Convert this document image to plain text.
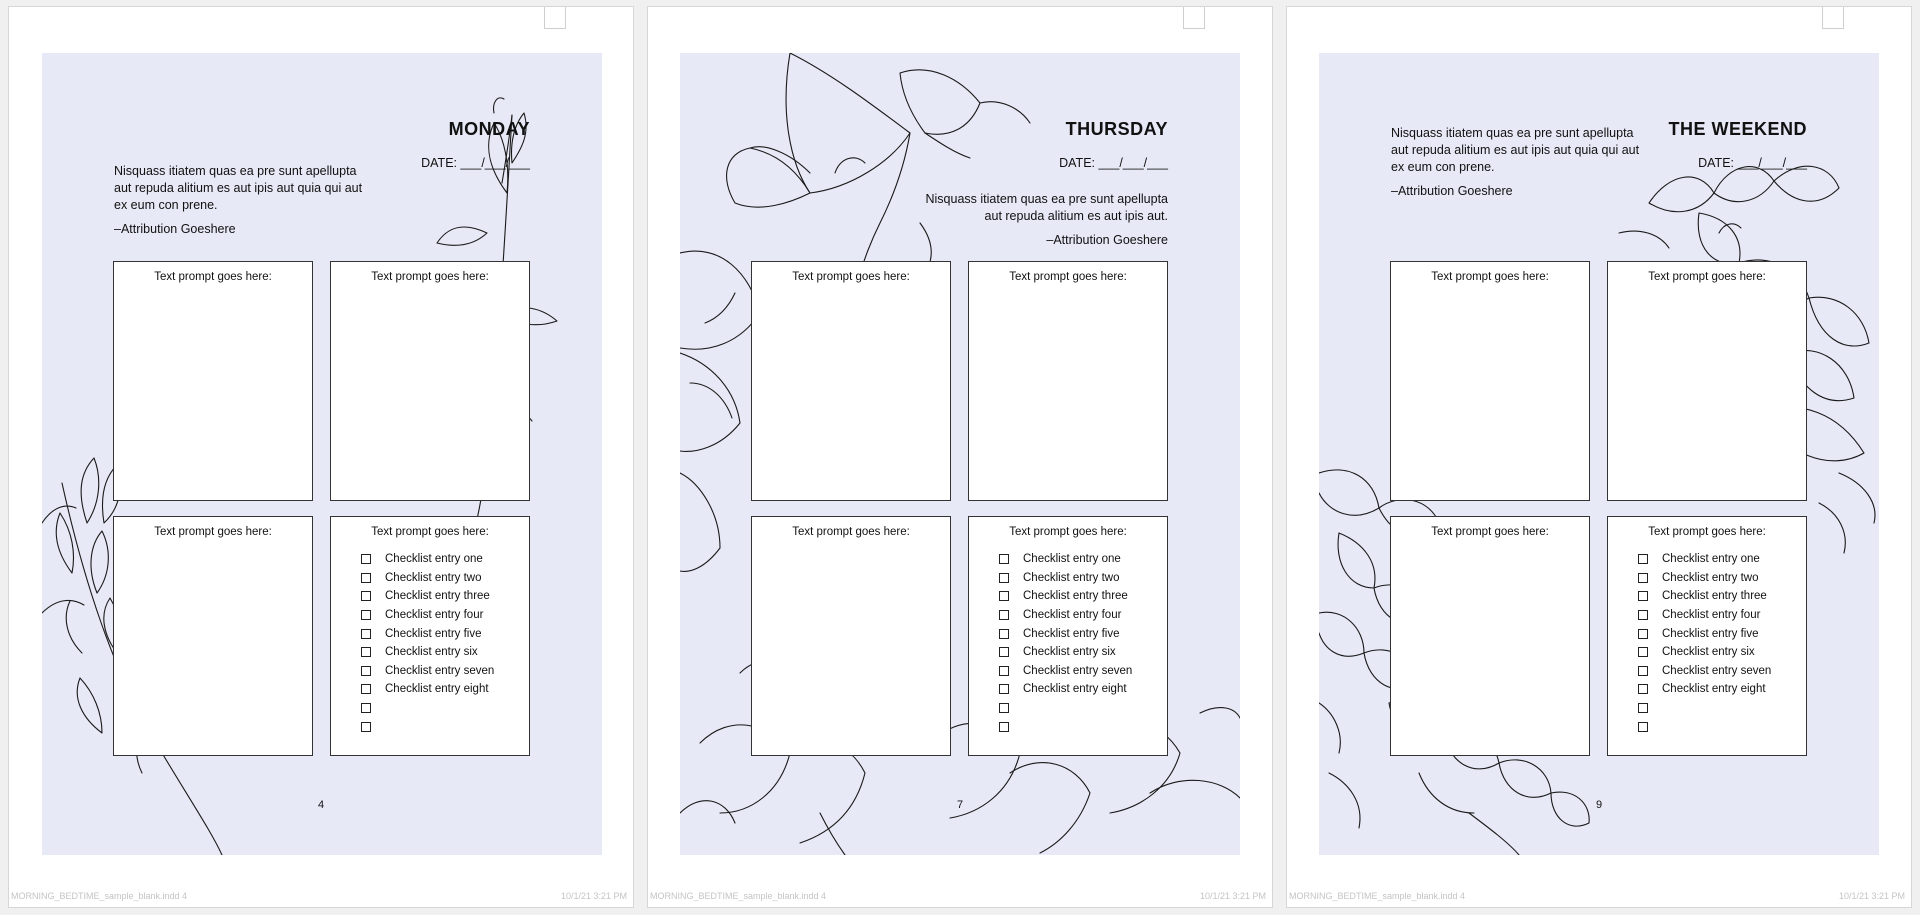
MONDAY
DATE: ___/___/___
Nisquass itiatem quas ea pre sunt apellupta aut repuda alitium es aut ipis aut quia qui aut ex eum con prene.
–Attribution Goeshere
Text prompt goes here:	Text prompt goes here:
Text prompt goes here:	Text prompt goes here:
Checklist entry one
Checklist entry two
Checklist entry three
Checklist entry four
Checklist entry five
Checklist entry six
Checklist entry seven
Checklist entry eight
4
MORNING_BEDTIME_sample_blank.indd 4	10/1/21 3:21 PM
THURSDAY
DATE: ___/___/___
Nisquass itiatem quas ea pre sunt apellupta aut repuda alitium es aut ipis aut.
–Attribution Goeshere
Text prompt goes here:	Text prompt goes here:
Text prompt goes here:	Text prompt goes here:
Checklist entry one
Checklist entry two
Checklist entry three
Checklist entry four
Checklist entry five
Checklist entry six
Checklist entry seven
Checklist entry eight
7
MORNING_BEDTIME_sample_blank.indd 4	10/1/21 3:21 PM
THE WEEKEND
DATE: ___/___/___
Nisquass itiatem quas ea pre sunt apellupta aut repuda alitium es aut ipis aut quia qui aut ex eum con prene.
–Attribution Goeshere
Text prompt goes here:	Text prompt goes here:
Text prompt goes here:	Text prompt goes here:
Checklist entry one
Checklist entry two
Checklist entry three
Checklist entry four
Checklist entry five
Checklist entry six
Checklist entry seven
Checklist entry eight
9
MORNING_BEDTIME_sample_blank.indd 4	10/1/21 3:21 PM
